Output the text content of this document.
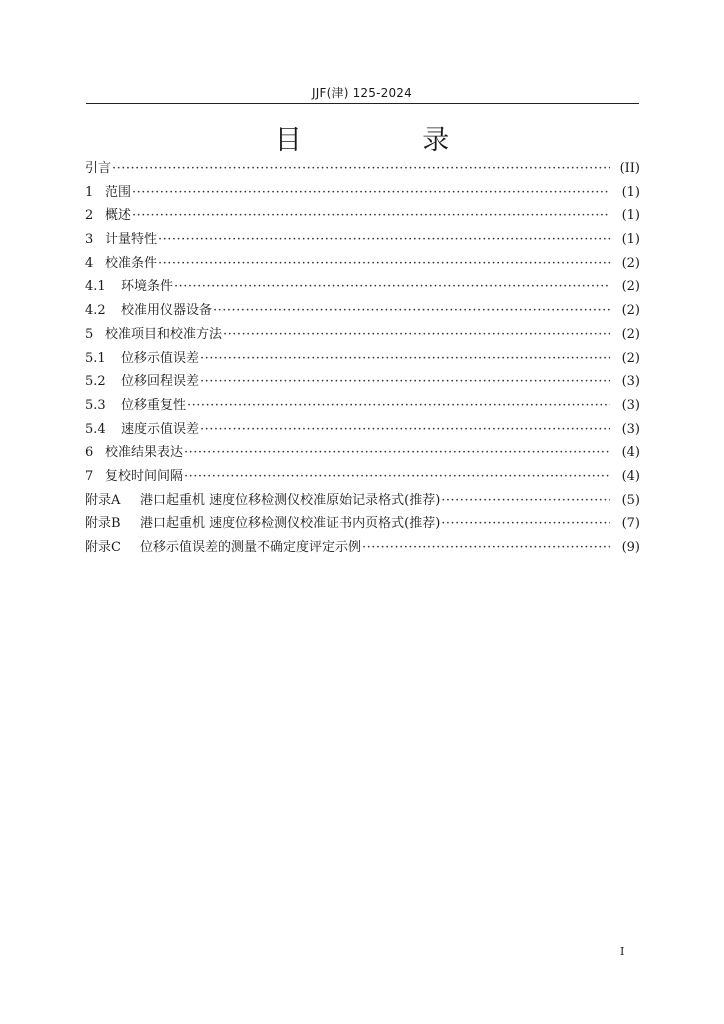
JJF(津) 125-2024
目 录
引言 ·····	(II)
1 范围 ·····	(1)
2 概述 ·····	(1)
3 计量特性 ·····	(1)
4 校准条件 ·····	(2)
4.1	环境条件 ·····	(2)
4.2	校准用仪器设备 ·····	(2)
5 校准项目和校准方法 ·····	(2)
5.1	位移示值误差 ·····	(2)
5.2	位移回程误差 ·····	(3)
5.3	位移重复性 ·····	(3)
5.4	速度示值误差 ·····	(3)
6 校准结果表达 ·····	(4)
7 复校时间间隔 ·····	(4)
附录A	港口起重机 速度位移检测仪校准原始记录格式(推荐) ·····	(5)
附录B	港口起重机 速度位移检测仪校准证书内页格式(推荐) ·····	(7)
附录C	位移示值误差的测量不确定度评定示例 ·····	(9)
I
